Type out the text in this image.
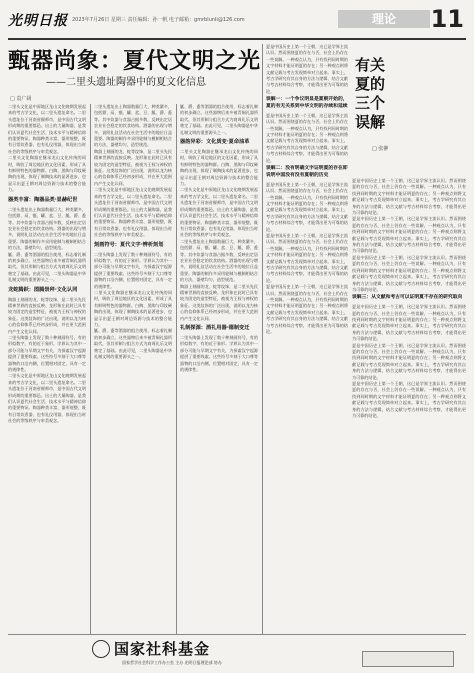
光明日报 2023年7月26日 星期三 责任编辑：孙一帆 电子邮箱：gmrblunli@126.com	理论	11
甄器尚象：夏代文明之光
——二里头遗址陶器中的夏文化信息
□ 袁广阔

二里头文化是中原地区龙山文化晚期发展起来的考古学文化，以二里头遗址命名。二里头遗址位于河南省偃师市，是中国古代文明形成期的重要都邑。出土的大量陶器，是我们认识夏代社会生活、技术水平与精神信仰的重要物证。陶器种类丰富、器形规整，既有日常炊煮器，也有礼仪用器，体现出当时社会的等级秩序与审美观念。

二里头文化陶器在继承龙山文化传统的同时，吸收了周边地区的文化因素，形成了具有鲜明特色的器物群。白陶、黑陶与印纹硬陶的出现，体现了制陶技术的显著进步，也显示出夏王朝对周边资源与技术的整合能力。

器类丰富：陶器品类·显赫纪世

二里头遗址出土陶器数量巨大，种类繁多，包括鼎、鬲、甑、罐、盆、豆、觚、爵、盉等。其中炊器与食器占据多数，反映出定居农业社会稳定的饮食结构。酒器的出现与增多，说明礼仪活动在社会生活中的地位日益重要。陶器的制作多采用轮制与模制相结合的方法，器壁均匀，造型规范。

觚、爵、盉等酒器的组合使用，标志着礼制的初步确立。这些器物后来多被青铜礼器所取代，但其形制与组合方式为商周礼乐文明奠定了基础。由此可见，二里头陶器是中华礼制文明的重要源头之一。

龙蛇腾跃：图腾崇拜·文化认同

陶器上刻画的龙、蛇等纹饰，是二里头先民精神世界的直接反映。龙形象在此时已具有较为固定的造型特征，被视为王权与神权的象征。这类纹饰的广泛出现，说明以龙为核心的信仰体系已经初步形成，并在更大范围内产生文化认同。

二里头陶器上发现了数十种刻画符号，有的形似数字，有的近于象形。学界认为其中一部分可能与早期文字有关，为探索汉字起源提供了重要线索。这些符号多刻于大口尊等器物的口沿内侧，位置相对固定，具有一定的规律性。

二里头文化是中原地区龙山文化晚期发展起来的考古学文化，以二里头遗址命名。二里头遗址位于河南省偃师市，是中国古代文明形成期的重要都邑。出土的大量陶器，是我们认识夏代社会生活、技术水平与精神信仰的重要物证。陶器种类丰富、器形规整，既有日常炊煮器，也有礼仪用器，体现出当时社会的等级秩序与审美观念。

二里头遗址出土陶器数量巨大，种类繁多，包括鼎、鬲、甑、罐、盆、豆、觚、爵、盉等。其中炊器与食器占据多数，反映出定居农业社会稳定的饮食结构。酒器的出现与增多，说明礼仪活动在社会生活中的地位日益重要。陶器的制作多采用轮制与模制相结合的方法，器壁均匀，造型规范。

陶器上刻画的龙、蛇等纹饰，是二里头先民精神世界的直接反映。龙形象在此时已具有较为固定的造型特征，被视为王权与神权的象征。这类纹饰的广泛出现，说明以龙为核心的信仰体系已经初步形成，并在更大范围内产生文化认同。

二里头文化是中原地区龙山文化晚期发展起来的考古学文化，以二里头遗址命名。二里头遗址位于河南省偃师市，是中国古代文明形成期的重要都邑。出土的大量陶器，是我们认识夏代社会生活、技术水平与精神信仰的重要物证。陶器种类丰富、器形规整，既有日常炊煮器，也有礼仪用器，体现出当时社会的等级秩序与审美观念。

刻画符号：夏代文字·辨析刻划

二里头陶器上发现了数十种刻画符号，有的形似数字，有的近于象形。学界认为其中一部分可能与早期文字有关，为探索汉字起源提供了重要线索。这些符号多刻于大口尊等器物的口沿内侧，位置相对固定，具有一定的规律性。

二里头文化陶器在继承龙山文化传统的同时，吸收了周边地区的文化因素，形成了具有鲜明特色的器物群。白陶、黑陶与印纹硬陶的出现，体现了制陶技术的显著进步，也显示出夏王朝对周边资源与技术的整合能力。

觚、爵、盉等酒器的组合使用，标志着礼制的初步确立。这些器物后来多被青铜礼器所取代，但其形制与组合方式为商周礼乐文明奠定了基础。由此可见，二里头陶器是中华礼制文明的重要源头之一。

觚、爵、盉等酒器的组合使用，标志着礼制的初步确立。这些器物后来多被青铜礼器所取代，但其形制与组合方式为商周礼乐文明奠定了基础。由此可见，二里头陶器是中华礼制文明的重要源头之一。

器韵异彩：文化质变·夏命油革

二里头文化陶器在继承龙山文化传统的同时，吸收了周边地区的文化因素，形成了具有鲜明特色的器物群。白陶、黑陶与印纹硬陶的出现，体现了制陶技术的显著进步，也显示出夏王朝对周边资源与技术的整合能力。

二里头文化是中原地区龙山文化晚期发展起来的考古学文化，以二里头遗址命名。二里头遗址位于河南省偃师市，是中国古代文明形成期的重要都邑。出土的大量陶器，是我们认识夏代社会生活、技术水平与精神信仰的重要物证。陶器种类丰富、器形规整，既有日常炊煮器，也有礼仪用器，体现出当时社会的等级秩序与审美观念。

二里头遗址出土陶器数量巨大，种类繁多，包括鼎、鬲、甑、罐、盆、豆、觚、爵、盉等。其中炊器与食器占据多数，反映出定居农业社会稳定的饮食结构。酒器的出现与增多，说明礼仪活动在社会生活中的地位日益重要。陶器的制作多采用轮制与模制相结合的方法，器壁均匀，造型规范。

陶器上刻画的龙、蛇等纹饰，是二里头先民精神世界的直接反映。龙形象在此时已具有较为固定的造型特征，被视为王权与神权的象征。这类纹饰的广泛出现，说明以龙为核心的信仰体系已经初步形成，并在更大范围内产生文化认同。

礼制探源：酒礼用器·德制变迁

二里头陶器上发现了数十种刻画符号，有的形似数字，有的近于象形。学界认为其中一部分可能与早期文字有关，为探索汉字起源提供了重要线索。这些符号多刻于大口尊等器物的口沿内侧，位置相对固定，具有一定的规律性。

有关夏的三个误解
□ 张翀

夏是中国历史上第一个王朝，这已是学界主流认识。然而围绕夏的存在与否，社会上仍存在一些误解。一种观点认为，只有找到同时期的文字材料才能证明夏的存在；另一种观点则将文献记载与考古发现简单对立起来。事实上，考古学研究有其自身的方法与逻辑，结合文献与考古材料综合考察，才能得出更为可靠的结论。

误解一：一个争议明显是夏朝开始的，夏的有无关系到中华文明的存续和延续

夏是中国历史上第一个王朝，这已是学界主流认识。然而围绕夏的存在与否，社会上仍存在一些误解。一种观点认为，只有找到同时期的文字材料才能证明夏的存在；另一种观点则将文献记载与考古发现简单对立起来。事实上，考古学研究有其自身的方法与逻辑，结合文献与考古材料综合考察，才能得出更为可靠的结论。

误解二：没有明确文字证明夏的存在即说明中国没有没有夏朝的历史

夏是中国历史上第一个王朝，这已是学界主流认识。然而围绕夏的存在与否，社会上仍存在一些误解。一种观点认为，只有找到同时期的文字材料才能证明夏的存在；另一种观点则将文献记载与考古发现简单对立起来。事实上，考古学研究有其自身的方法与逻辑，结合文献与考古材料综合考察，才能得出更为可靠的结论。

夏是中国历史上第一个王朝，这已是学界主流认识。然而围绕夏的存在与否，社会上仍存在一些误解。一种观点认为，只有找到同时期的文字材料才能证明夏的存在；另一种观点则将文献记载与考古发现简单对立起来。事实上，考古学研究有其自身的方法与逻辑，结合文献与考古材料综合考察，才能得出更为可靠的结论。

夏是中国历史上第一个王朝，这已是学界主流认识。然而围绕夏的存在与否，社会上仍存在一些误解。一种观点认为，只有找到同时期的文字材料才能证明夏的存在；另一种观点则将文献记载与考古发现简单对立起来。事实上，考古学研究有其自身的方法与逻辑，结合文献与考古材料综合考察，才能得出更为可靠的结论。

夏是中国历史上第一个王朝，这已是学界主流认识。然而围绕夏的存在与否，社会上仍存在一些误解。一种观点认为，只有找到同时期的文字材料才能证明夏的存在；另一种观点则将文献记载与考古发现简单对立起来。事实上，考古学研究有其自身的方法与逻辑，结合文献与考古材料综合考察，才能得出更为可靠的结论。

夏是中国历史上第一个王朝，这已是学界主流认识。然而围绕夏的存在与否，社会上仍存在一些误解。一种观点认为，只有找到同时期的文字材料才能证明夏的存在；另一种观点则将文献记载与考古发现简单对立起来。事实上，考古学研究有其自身的方法与逻辑，结合文献与考古材料综合考察，才能得出更为可靠的结论。

夏是中国历史上第一个王朝，这已是学界主流认识。然而围绕夏的存在与否，社会上仍存在一些误解。一种观点认为，只有找到同时期的文字材料才能证明夏的存在；另一种观点则将文献记载与考古发现简单对立起来。事实上，考古学研究有其自身的方法与逻辑，结合文献与考古材料综合考察，才能得出更为可靠的结论。

误解三：从文献和考古可以证明夏不存在的研究取向

夏是中国历史上第一个王朝，这已是学界主流认识。然而围绕夏的存在与否，社会上仍存在一些误解。一种观点认为，只有找到同时期的文字材料才能证明夏的存在；另一种观点则将文献记载与考古发现简单对立起来。事实上，考古学研究有其自身的方法与逻辑，结合文献与考古材料综合考察，才能得出更为可靠的结论。

夏是中国历史上第一个王朝，这已是学界主流认识。然而围绕夏的存在与否，社会上仍存在一些误解。一种观点认为，只有找到同时期的文字材料才能证明夏的存在；另一种观点则将文献记载与考古发现简单对立起来。事实上，考古学研究有其自身的方法与逻辑，结合文献与考古材料综合考察，才能得出更为可靠的结论。

夏是中国历史上第一个王朝，这已是学界主流认识。然而围绕夏的存在与否，社会上仍存在一些误解。一种观点认为，只有找到同时期的文字材料才能证明夏的存在；另一种观点则将文献记载与考古发现简单对立起来。事实上，考古学研究有其自身的方法与逻辑，结合文献与考古材料综合考察，才能得出更为可靠的结论。

国家社科基金
国家哲学社会科学工作办公室 主办 光明日报理论部 协办
